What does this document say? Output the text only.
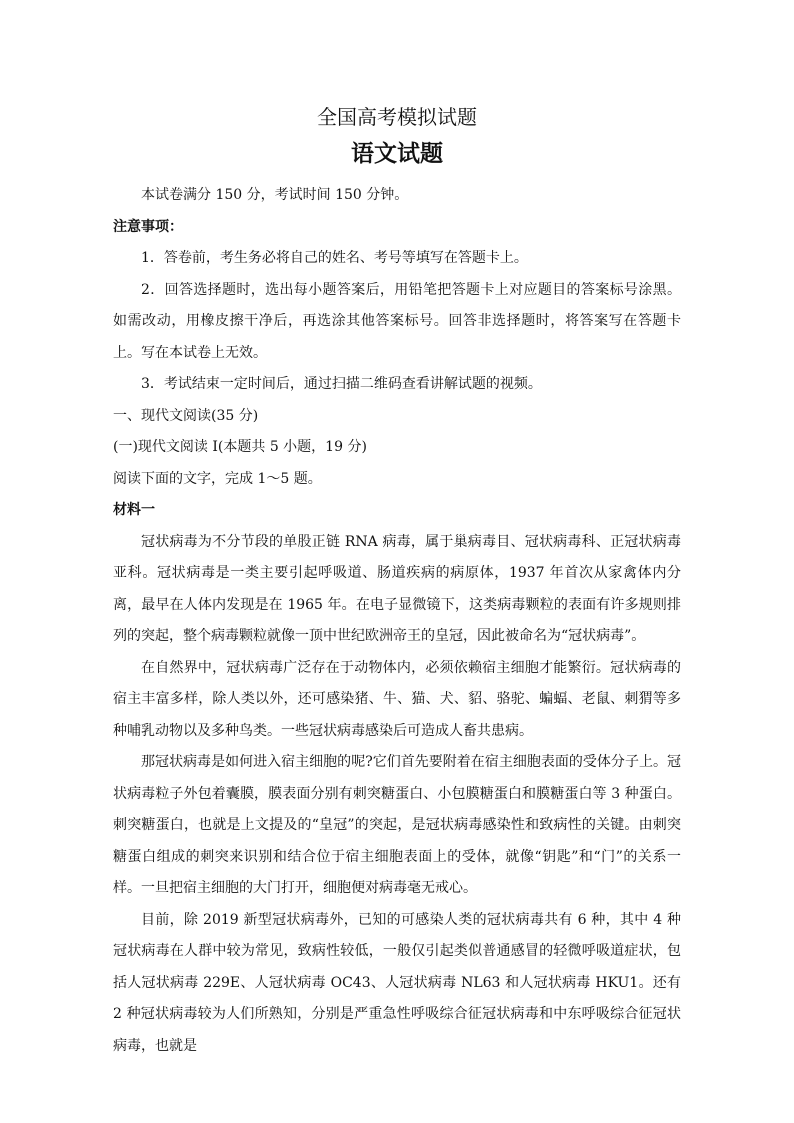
全国高考模拟试题

语文试题

本试卷满分 150 分，考试时间 150 分钟。

注意事项：

1．答卷前，考生务必将自己的姓名、考号等填写在答题卡上。

2．回答选择题时，选出每小题答案后，用铅笔把答题卡上对应题目的答案标号涂黑。如需改动，用橡皮擦干净后，再选涂其他答案标号。回答非选择题时，将答案写在答题卡上。写在本试卷上无效。

3．考试结束一定时间后，通过扫描二维码查看讲解试题的视频。

一、现代文阅读(35 分)

(一)现代文阅读 I(本题共 5 小题，19 分)

阅读下面的文字，完成 1～5 题。

材料一

冠状病毒为不分节段的单股正链 RNA 病毒，属于巢病毒目、冠状病毒科、正冠状病毒亚科。冠状病毒是一类主要引起呼吸道、肠道疾病的病原体，1937 年首次从家禽体内分离，最早在人体内发现是在 1965 年。在电子显微镜下，这类病毒颗粒的表面有许多规则排列的突起，整个病毒颗粒就像一顶中世纪欧洲帝王的皇冠，因此被命名为“冠状病毒”。

在自然界中，冠状病毒广泛存在于动物体内，必须依赖宿主细胞才能繁衍。冠状病毒的宿主丰富多样，除人类以外，还可感染猪、牛、猫、犬、貂、骆驼、蝙蝠、老鼠、刺猬等多种哺乳动物以及多种鸟类。一些冠状病毒感染后可造成人畜共患病。

那冠状病毒是如何进入宿主细胞的呢?它们首先要附着在宿主细胞表面的受体分子上。冠状病毒粒子外包着囊膜，膜表面分别有刺突糖蛋白、小包膜糖蛋白和膜糖蛋白等 3 种蛋白。刺突糖蛋白，也就是上文提及的“皇冠”的突起，是冠状病毒感染性和致病性的关键。由刺突糖蛋白组成的刺突来识别和结合位于宿主细胞表面上的受体，就像“钥匙”和“门”的关系一样。一旦把宿主细胞的大门打开，细胞便对病毒毫无戒心。

目前，除 2019 新型冠状病毒外，已知的可感染人类的冠状病毒共有 6 种，其中 4 种冠状病毒在人群中较为常见，致病性较低，一般仅引起类似普通感冒的轻微呼吸道症状，包括人冠状病毒 229E、人冠状病毒 OC43、人冠状病毒 NL63 和人冠状病毒 HKU1。还有 2 种冠状病毒较为人们所熟知，分别是严重急性呼吸综合征冠状病毒和中东呼吸综合征冠状病毒，也就是
